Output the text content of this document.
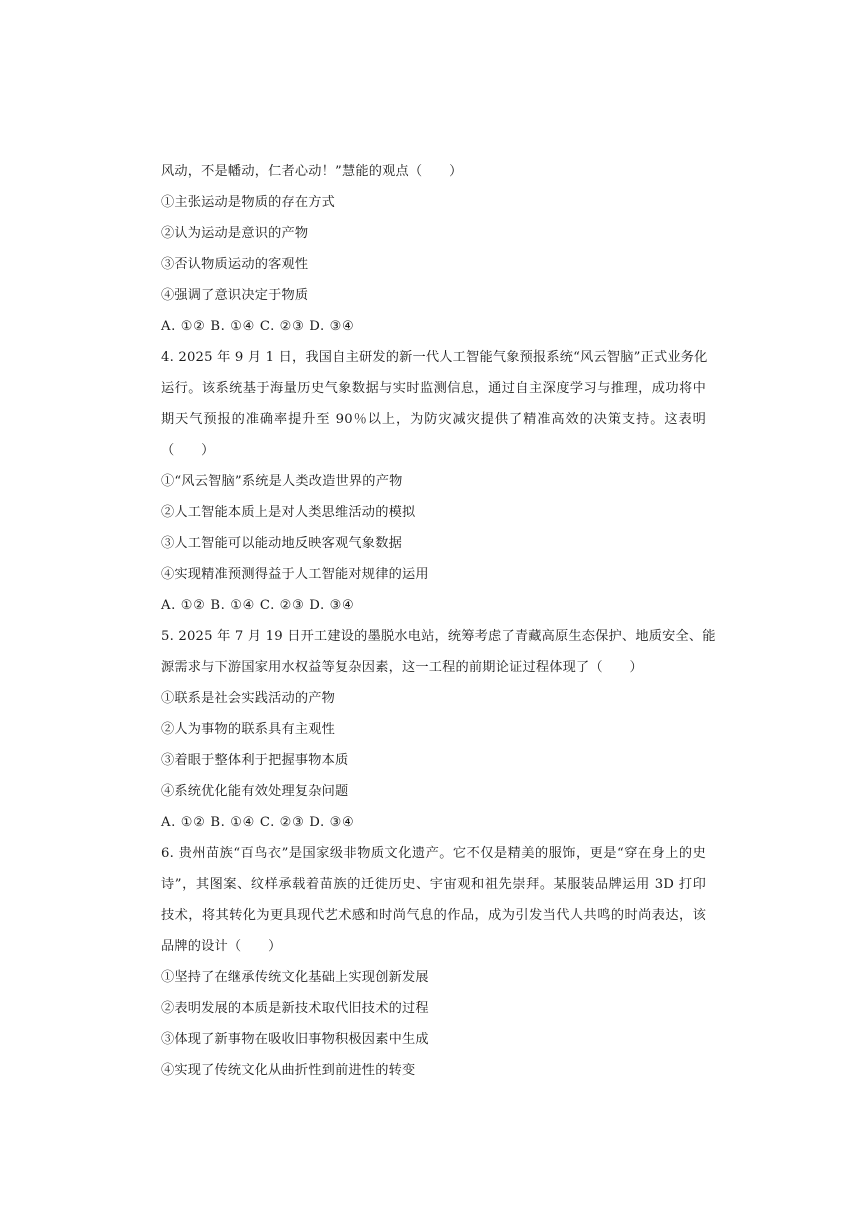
风动，不是幡动，仁者心动！”慧能的观点（　　）
①主张运动是物质的存在方式
②认为运动是意识的产物
③否认物质运动的客观性
④强调了意识决定于物质
A. ①② B. ①④ C. ②③ D. ③④
4. 2025 年 9 月 1 日，我国自主研发的新一代人工智能气象预报系统“风云智脑”正式业务化
运行。该系统基于海量历史气象数据与实时监测信息，通过自主深度学习与推理，成功将中
期天气预报的准确率提升至 90％以上，为防灾减灾提供了精准高效的决策支持。这表明
（　　）
①“风云智脑”系统是人类改造世界的产物
②人工智能本质上是对人类思维活动的模拟
③人工智能可以能动地反映客观气象数据
④实现精准预测得益于人工智能对规律的运用
A. ①② B. ①④ C. ②③ D. ③④
5. 2025 年 7 月 19 日开工建设的墨脱水电站，统筹考虑了青藏高原生态保护、地质安全、能
源需求与下游国家用水权益等复杂因素，这一工程的前期论证过程体现了（　　）
①联系是社会实践活动的产物
②人为事物的联系具有主观性
③着眼于整体利于把握事物本质
④系统优化能有效处理复杂问题
A. ①② B. ①④ C. ②③ D. ③④
6. 贵州苗族“百鸟衣”是国家级非物质文化遗产。它不仅是精美的服饰，更是“穿在身上的史
诗”，其图案、纹样承载着苗族的迁徙历史、宇宙观和祖先崇拜。某服装品牌运用 3D 打印
技术，将其转化为更具现代艺术感和时尚气息的作品，成为引发当代人共鸣的时尚表达，该
品牌的设计（　　）
①坚持了在继承传统文化基础上实现创新发展
②表明发展的本质是新技术取代旧技术的过程
③体现了新事物在吸收旧事物积极因素中生成
④实现了传统文化从曲折性到前进性的转变
